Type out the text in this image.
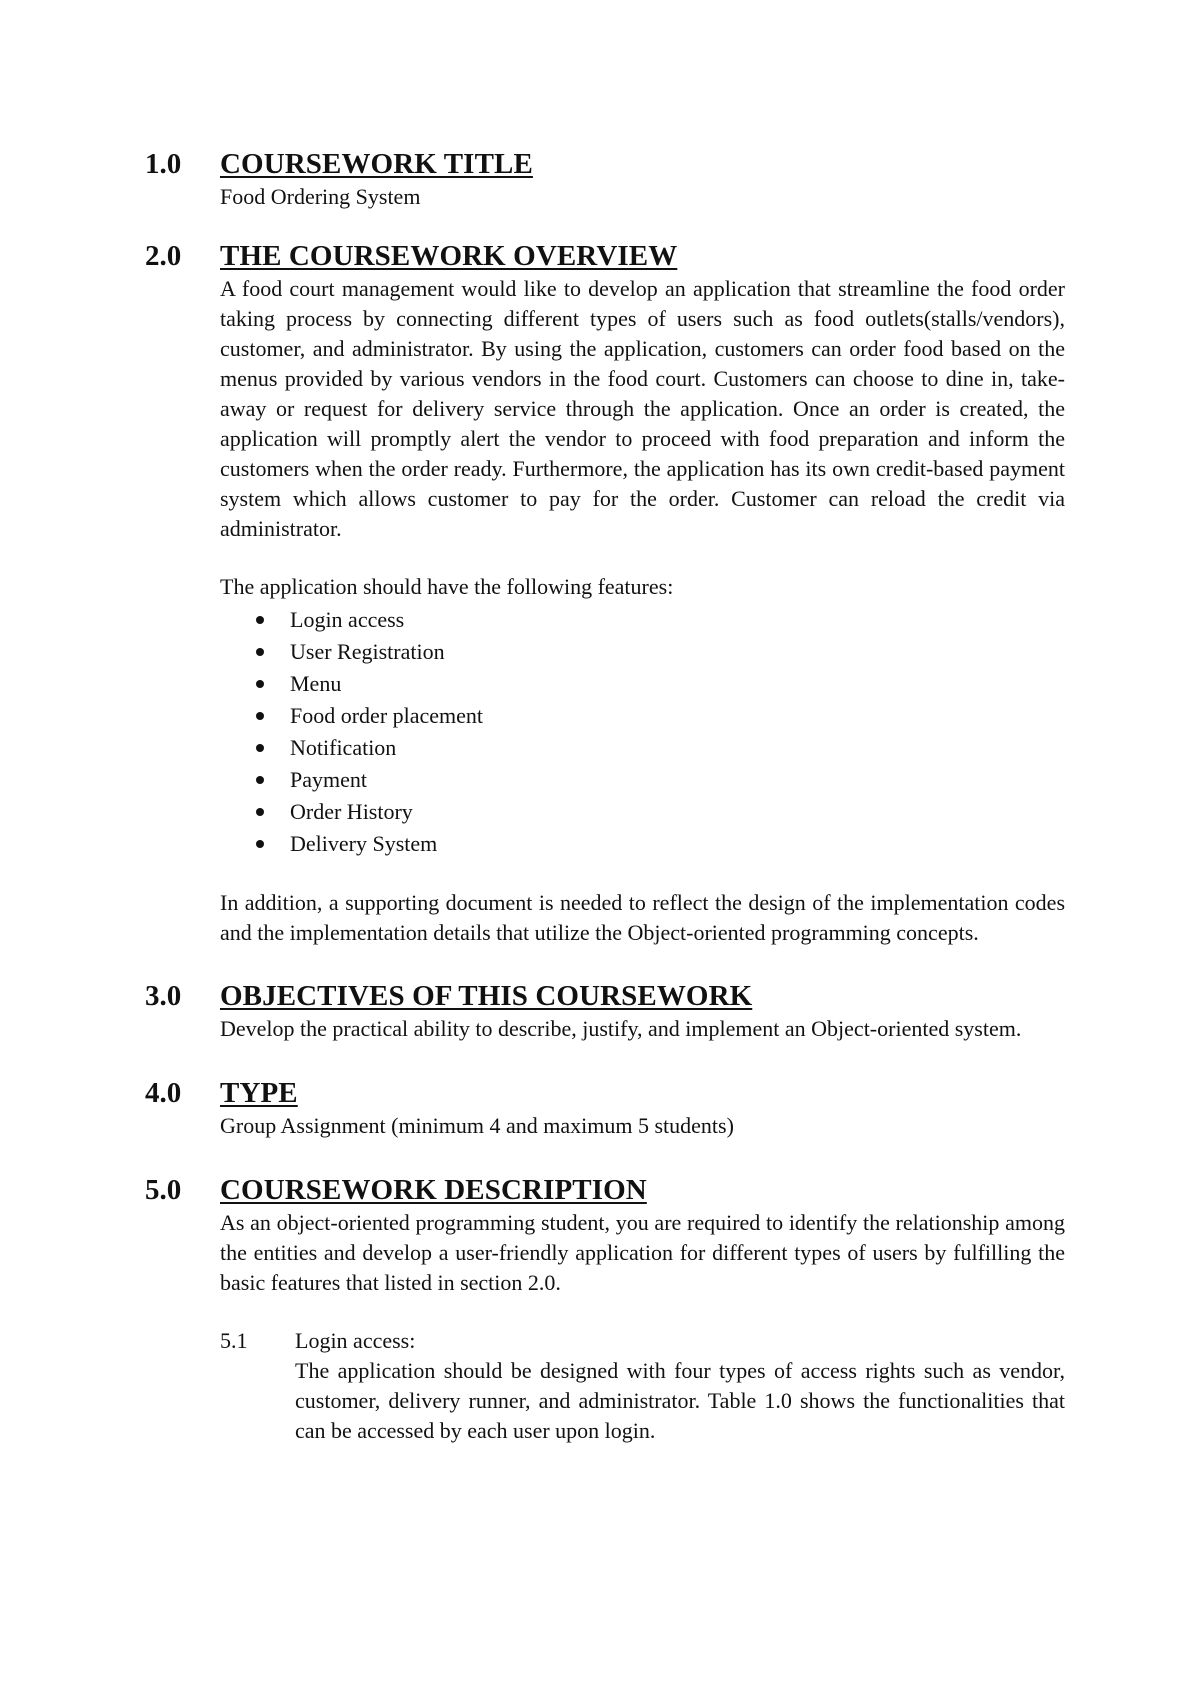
1.0	COURSEWORK TITLE
Food Ordering System
2.0	THE COURSEWORK OVERVIEW
A food court management would like to develop an application that streamline the food order taking process by connecting different types of users such as food outlets(stalls/vendors), customer, and administrator. By using the application, customers can order food based on the menus provided by various vendors in the food court. Customers can choose to dine in, take-away or request for delivery service through the application. Once an order is created, the application will promptly alert the vendor to proceed with food preparation and inform the customers when the order ready. Furthermore, the application has its own credit-based payment system which allows customer to pay for the order. Customer can reload the credit via administrator.
The application should have the following features:
Login access
User Registration
Menu
Food order placement
Notification
Payment
Order History
Delivery System
In addition, a supporting document is needed to reflect the design of the implementation codes and the implementation details that utilize the Object-oriented programming concepts.
3.0	OBJECTIVES OF THIS COURSEWORK
Develop the practical ability to describe, justify, and implement an Object-oriented system.
4.0	TYPE
Group Assignment (minimum 4 and maximum 5 students)
5.0	COURSEWORK DESCRIPTION
As an object-oriented programming student, you are required to identify the relationship among the entities and develop a user-friendly application for different types of users by fulfilling the basic features that listed in section 2.0.
5.1	Login access:
The application should be designed with four types of access rights such as vendor, customer, delivery runner, and administrator. Table 1.0 shows the functionalities that can be accessed by each user upon login.
